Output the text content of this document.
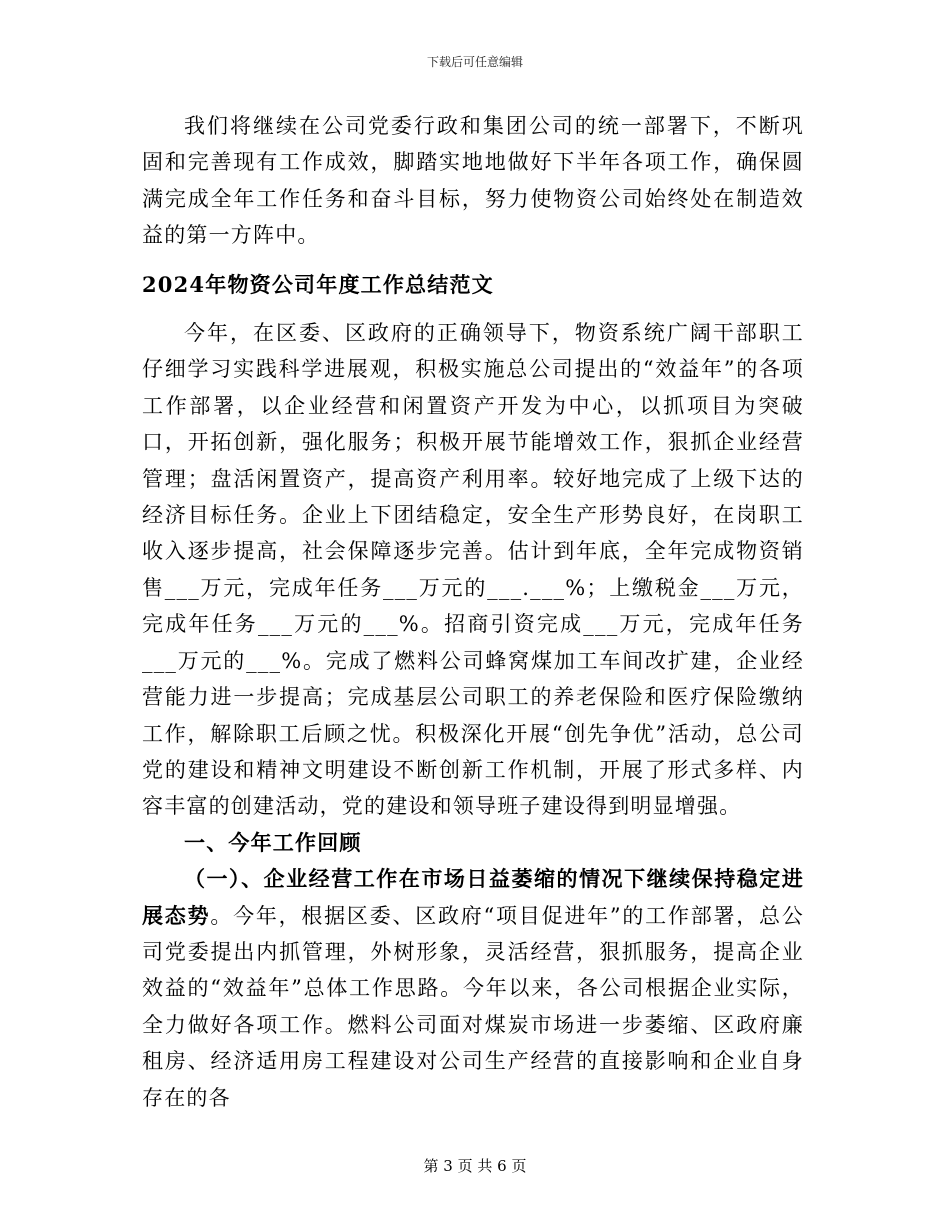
下载后可任意编辑

我们将继续在公司党委行政和集团公司的统一部署下，不断巩固和完善现有工作成效，脚踏实地地做好下半年各项工作，确保圆满完成全年工作任务和奋斗目标，努力使物资公司始终处在制造效益的第一方阵中。

2024年物资公司年度工作总结范文

今年，在区委、区政府的正确领导下，物资系统广阔干部职工仔细学习实践科学进展观，积极实施总公司提出的“效益年”的各项工作部署，以企业经营和闲置资产开发为中心，以抓项目为突破口，开拓创新，强化服务；积极开展节能增效工作，狠抓企业经营管理；盘活闲置资产，提高资产利用率。较好地完成了上级下达的经济目标任务。企业上下团结稳定，安全生产形势良好，在岗职工收入逐步提高，社会保障逐步完善。估计到年底，全年完成物资销售___万元，完成年任务___万元的___.___%；上缴税金___万元，完成年任务___万元的___%。招商引资完成___万元，完成年任务___万元的___%。完成了燃料公司蜂窝煤加工车间改扩建，企业经营能力进一步提高；完成基层公司职工的养老保险和医疗保险缴纳工作，解除职工后顾之忧。积极深化开展“创先争优”活动，总公司党的建设和精神文明建设不断创新工作机制，开展了形式多样、内容丰富的创建活动，党的建设和领导班子建设得到明显增强。

一、今年工作回顾

（一）、企业经营工作在市场日益萎缩的情况下继续保持稳定进展态势。今年，根据区委、区政府“项目促进年”的工作部署，总公司党委提出内抓管理，外树形象，灵活经营，狠抓服务，提高企业效益的“效益年”总体工作思路。今年以来，各公司根据企业实际，全力做好各项工作。燃料公司面对煤炭市场进一步萎缩、区政府廉租房、经济适用房工程建设对公司生产经营的直接影响和企业自身存在的各

第 3 页 共 6 页
